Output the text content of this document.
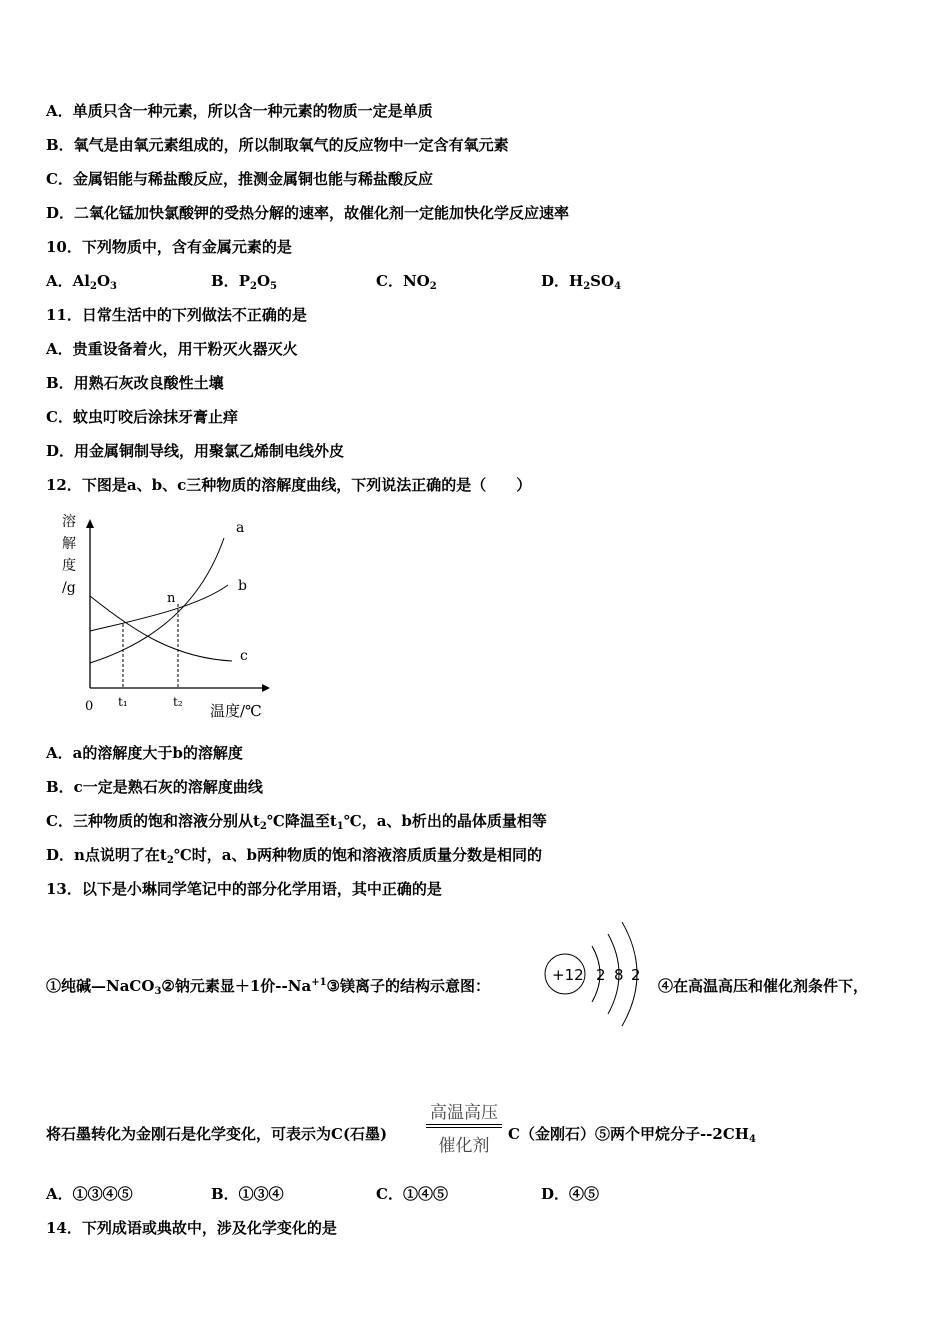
A．单质只含一种元素，所以含一种元素的物质一定是单质
B．氧气是由氧元素组成的，所以制取氧气的反应物中一定含有氧元素
C．金属铝能与稀盐酸反应，推测金属铜也能与稀盐酸反应
D．二氧化锰加快氯酸钾的受热分解的速率，故催化剂一定能加快化学反应速率
10．下列物质中，含有金属元素的是
A．$Al_2O_3$	B．$P_2O_5$	C．$NO_2$	D．$H_2SO_4$
11．日常生活中的下列做法不正确的是
A．贵重设备着火，用干粉灭火器灭火
B．用熟石灰改良酸性土壤
C．蚊虫叮咬后涂抹牙膏止痒
D．用金属铜制导线，用聚氯乙烯制电线外皮
12．下图是a、b、c三种物质的溶解度曲线，下列说法正确的是（　　）
溶
解
度
/g
a
b
c
n
0 t₁	t₂ 温度/℃
A．a的溶解度大于b的溶解度
B．c一定是熟石灰的溶解度曲线
C．三种物质的饱和溶液分别从$t_2℃$降温至$t_1℃$，a、b析出的晶体质量相等
D．n点说明了在$t_2℃$时，a、b两种物质的饱和溶液溶质质量分数是相同的
13．以下是小琳同学笔记中的部分化学用语，其中正确的是
①纯碱—NaCO$_3$②钠元素显＋1价$--Na^{+1}③$镁离子的结构示意图：
+12 2 8 2
④在高温高压和催化剂条件下，
将石墨转化为金刚石是化学变化，可表示为C(石墨)
高温高压
催化剂
C（金刚石）⑤两个甲烷分子$--2CH_4$
A．①③④⑤	B．①③④	C．①④⑤	D．④⑤
14．下列成语或典故中，涉及化学变化的是
